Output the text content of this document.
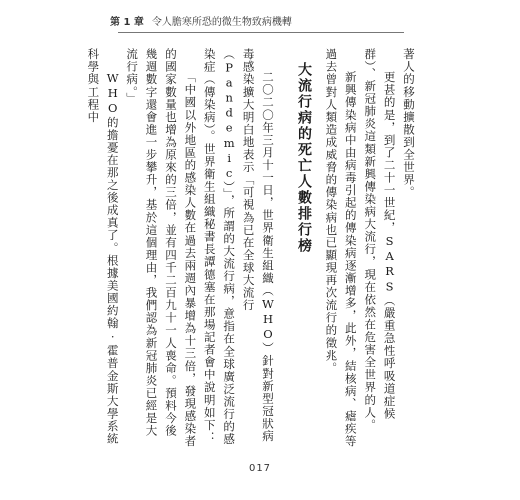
第 1 章 令人膽寒所恐的微生物致病機轉

著人的移動擴散到全世界。

更甚的是，到了二十一世紀，SARS（嚴重急性呼吸道症候群）、新冠肺炎這類新興傳染病大流行，現在依然在危害全世界的人。

新興傳染病中由病毒引起的傳染病逐漸增多，此外，結核病、瘧疾等過去曾對人類造成威脅的傳染病也已顯現再次流行的徵兆。

大流行病的死亡人數排行榜

二〇二〇年三月十一日，世界衛生組織（WHO）針對新型冠狀病毒感染擴大明白地表示「可視為已在全球大流行（Pandemic）」，所謂的大流行病，意指在全球廣泛流行的感染症（傳染病）。世界衛生組織秘書長譚德塞在那場記者會中說明如下：

「中國以外地區的感染人數在過去兩週內暴增為十三倍，發現感染者的國家數量也增為原來的三倍，並有四千二百九十一人喪命。預料今後幾週數字還會進一步攀升，基於這個理由，我們認為新冠肺炎已經是大流行病。」

WHO的擔憂在那之後成真了。根據美國約翰·霍普金斯大學系統科學與工程中

017
